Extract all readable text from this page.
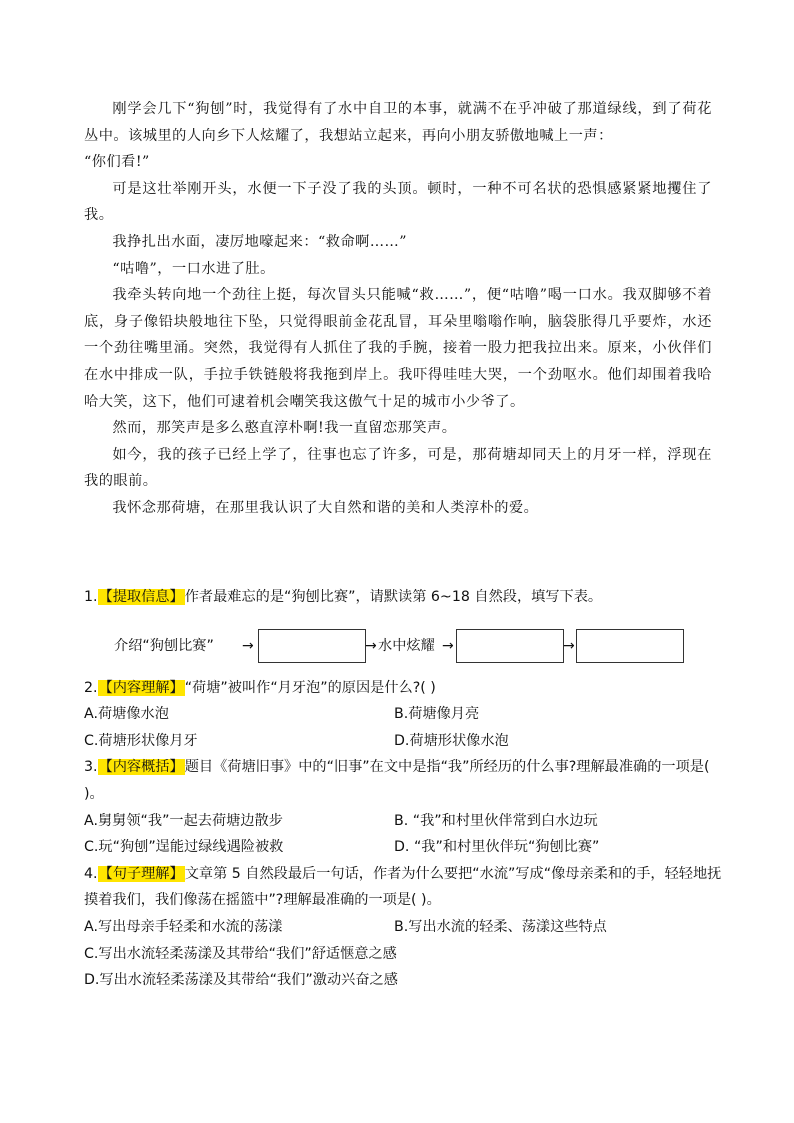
刚学会几下“狗刨”时，我觉得有了水中自卫的本事，就满不在乎冲破了那道绿线，到了荷花丛中。该城里的人向乡下人炫耀了，我想站立起来，再向小朋友骄傲地喊上一声：

“你们看!”

可是这壮举刚开头，水便一下子没了我的头顶。顿时，一种不可名状的恐惧感紧紧地攫住了我。

我挣扎出水面，凄厉地嚎起来：“救命啊……”

“咕噜”，一口水进了肚。

我牵头转向地一个劲往上挺，每次冒头只能喊“救……”，便“咕噜”喝一口水。我双脚够不着底，身子像铅块般地往下坠，只觉得眼前金花乱冒，耳朵里嗡嗡作响，脑袋胀得几乎要炸，水还一个劲往嘴里涌。突然，我觉得有人抓住了我的手腕，接着一股力把我拉出来。原来，小伙伴们在水中排成一队，手拉手铁链般将我拖到岸上。我吓得哇哇大哭，一个劲呕水。他们却围着我哈哈大笑，这下，他们可逮着机会嘲笑我这傲气十足的城市小少爷了。

然而，那笑声是多么憨直淳朴啊!我一直留恋那笑声。

如今，我的孩子已经上学了，往事也忘了许多，可是，那荷塘却同天上的月牙一样，浮现在我的眼前。

我怀念那荷塘，在那里我认识了大自然和谐的美和人类淳朴的爱。

1.【提取信息】作者最难忘的是“狗刨比赛”，请默读第 6~18 自然段，填写下表。

介绍“狗刨比赛” →	→ 水中炫耀 →	→

2.【内容理解】“荷塘”被叫作“月牙泡”的原因是什么?( )

A.荷塘像水泡	B.荷塘像月亮

C.荷塘形状像月牙	D.荷塘形状像水泡

3.【内容概括】题目《荷塘旧事》中的“旧事”在文中是指“我”所经历的什么事?理解最准确的一项是( )。

A.舅舅领“我”一起去荷塘边散步	B. “我”和村里伙伴常到白水边玩

C.玩“狗刨”逞能过绿线遇险被救	D. “我”和村里伙伴玩“狗刨比赛”

4.【句子理解】文章第 5 自然段最后一句话，作者为什么要把“水流”写成“像母亲柔和的手，轻轻地抚摸着我们，我们像荡在摇篮中”?理解最准确的一项是( )。

A.写出母亲手轻柔和水流的荡漾	B.写出水流的轻柔、荡漾这些特点

C.写出水流轻柔荡漾及其带给“我们”舒适惬意之感

D.写出水流轻柔荡漾及其带给“我们”激动兴奋之感
